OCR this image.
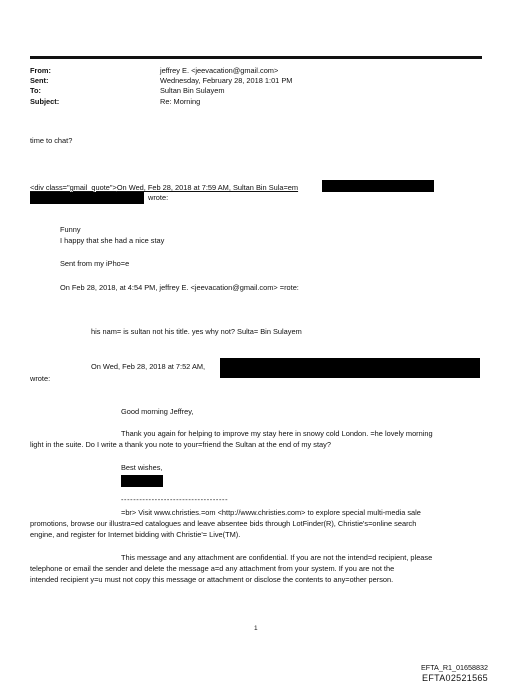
From:	jeffrey E. <jeevacation@gmail.com>
Sent:	Wednesday, February 28, 2018 1:01 PM
To:	Sultan Bin Sulayem
Subject:	Re: Morning
time to chat?
<div class="gmail_quote">On Wed, Feb 28, 2018 at 7:59 AM, Sultan Bin Sula=em
wrote:
Funny
I happy that she had a nice stay
Sent from my iPho=e
On Feb 28, 2018, at 4:54 PM, jeffrey E. <jeevacation@gmail.com> =rote:
his nam= is sultan not his title. yes why not? Sulta= Bin Sulayem
On Wed, Feb 28, 2018 at 7:52 AM,
wrote:
Good morning Jeffrey,
Thank you again for helping to improve my stay here in snowy cold London. =he lovely morning
light in the suite. Do I write a thank you note to your=friend the Sultan at the end of my stay?
Best wishes,
-----------------------------------
=br> Visit www.christies.=om <http://www.christies.com> to explore special multi-media sale
promotions, browse our illustra=ed catalogues and leave absentee bids through LotFinder(R), Christie's=online search
engine, and register for Internet bidding with Christie'= Live(TM).
This message and any attachment are confidential. If you are not the intend=d recipient, please
telephone or email the sender and delete the message a=d any attachment from your system. If you are not the
intended recipient y=u must not copy this message or attachment or disclose the contents to any=other person.
1
EFTA_R1_01658832
EFTA02521565
